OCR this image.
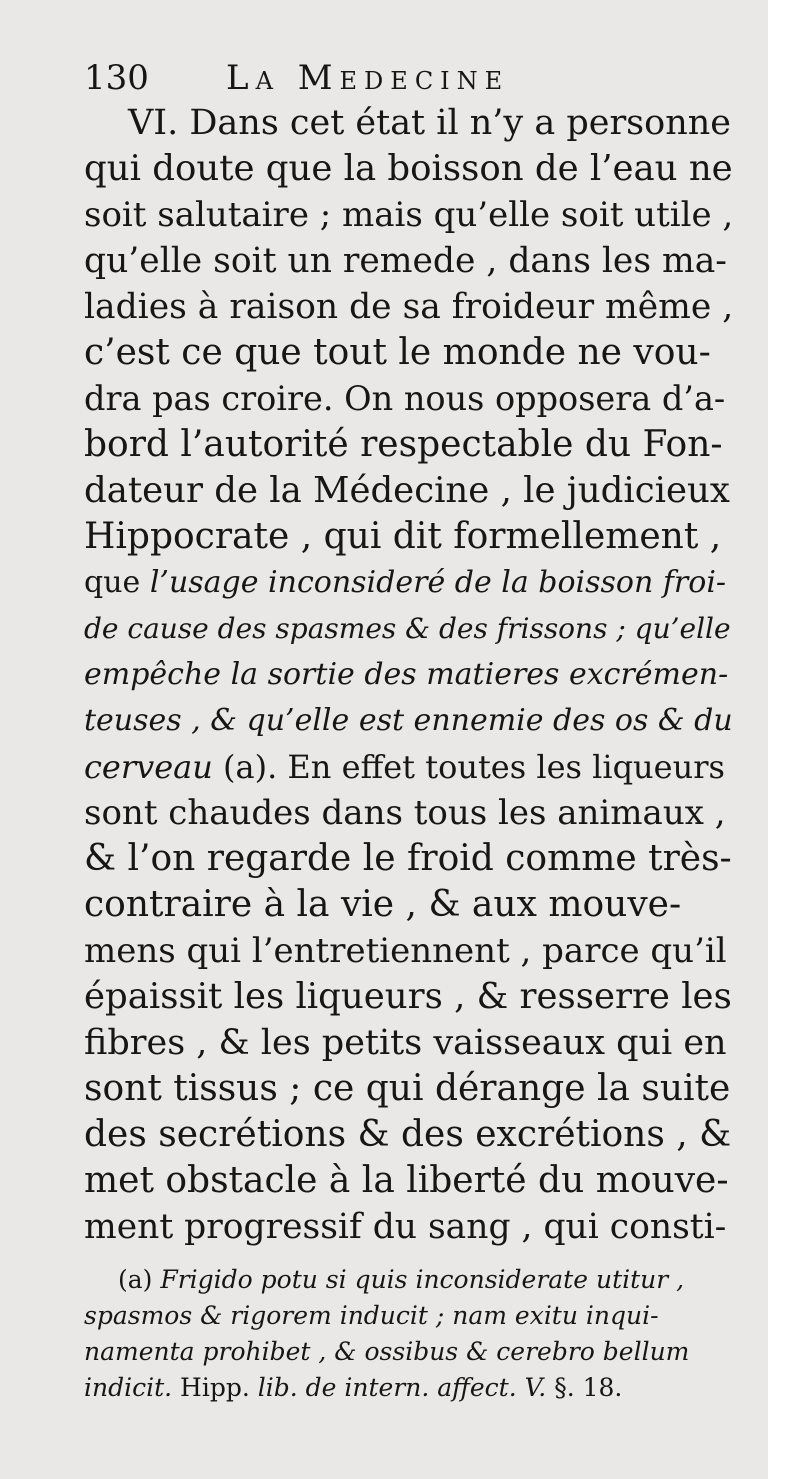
130 La Medecine
VI. Dans cet état il n’y a personne
qui doute que la boisson de l’eau ne
soit salutaire ; mais qu’elle soit utile ,
qu’elle soit un remede , dans les ma-
ladies à raison de sa froideur même ,
c’est ce que tout le monde ne vou-
dra pas croire. On nous opposera d’a-
bord l’autorité respectable du Fon-
dateur de la Médecine , le judicieux
Hippocrate , qui dit formellement ,
que l’usage inconsideré de la boisson froi-
de cause des spasmes & des frissons ; qu’elle
empêche la sortie des matieres excrémen-
teuses , & qu’elle est ennemie des os & du
cerveau (a). En effet toutes les liqueurs
sont chaudes dans tous les animaux ,
& l’on regarde le froid comme très-
contraire à la vie , & aux mouve-
mens qui l’entretiennent , parce qu’il
épaissit les liqueurs , & resserre les
fibres , & les petits vaisseaux qui en
sont tissus ; ce qui dérange la suite
des secrétions & des excrétions , &
met obstacle à la liberté du mouve-
ment progressif du sang , qui consti-
(a) Frigido potu si quis inconsiderate utitur ,
spasmos & rigorem inducit ; nam exitu inqui-
namenta prohibet , & ossibus & cerebro bellum
indicit. Hipp. lib. de intern. affect. V. §. 18.
